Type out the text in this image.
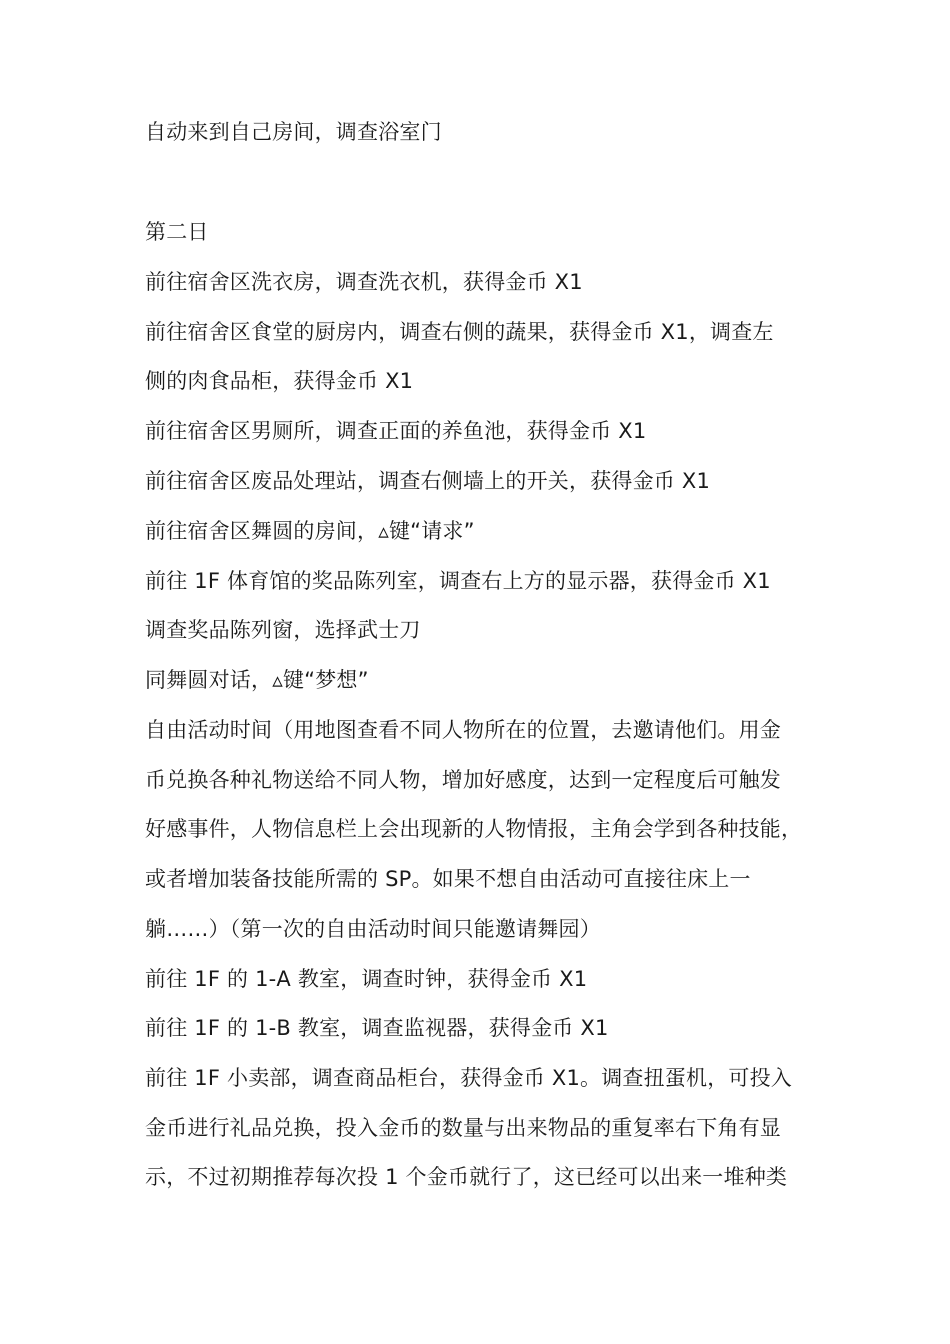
自动来到自己房间，调查浴室门
第二日
前往宿舍区洗衣房，调查洗衣机，获得金币 X1
前往宿舍区食堂的厨房内，调查右侧的蔬果，获得金币 X1，调查左
侧的肉食品柜，获得金币 X1
前往宿舍区男厕所，调查正面的养鱼池，获得金币 X1
前往宿舍区废品处理站，调查右侧墙上的开关，获得金币 X1
前往宿舍区舞圆的房间，▵键“请求”
前往 1F 体育馆的奖品陈列室，调查右上方的显示器，获得金币 X1
调查奖品陈列窗，选择武士刀
同舞圆对话，▵键“梦想”
自由活动时间（用地图查看不同人物所在的位置，去邀请他们。用金
币兑换各种礼物送给不同人物，增加好感度，达到一定程度后可触发
好感事件，人物信息栏上会出现新的人物情报，主角会学到各种技能，
或者增加装备技能所需的 SP。如果不想自由活动可直接往床上一
躺……）（第一次的自由活动时间只能邀请舞园）
前往 1F 的 1-A 教室，调查时钟，获得金币 X1
前往 1F 的 1-B 教室，调查监视器，获得金币 X1
前往 1F 小卖部，调查商品柜台，获得金币 X1。调查扭蛋机，可投入
金币进行礼品兑换，投入金币的数量与出来物品的重复率右下角有显
示，不过初期推荐每次投 1 个金币就行了，这已经可以出来一堆种类
